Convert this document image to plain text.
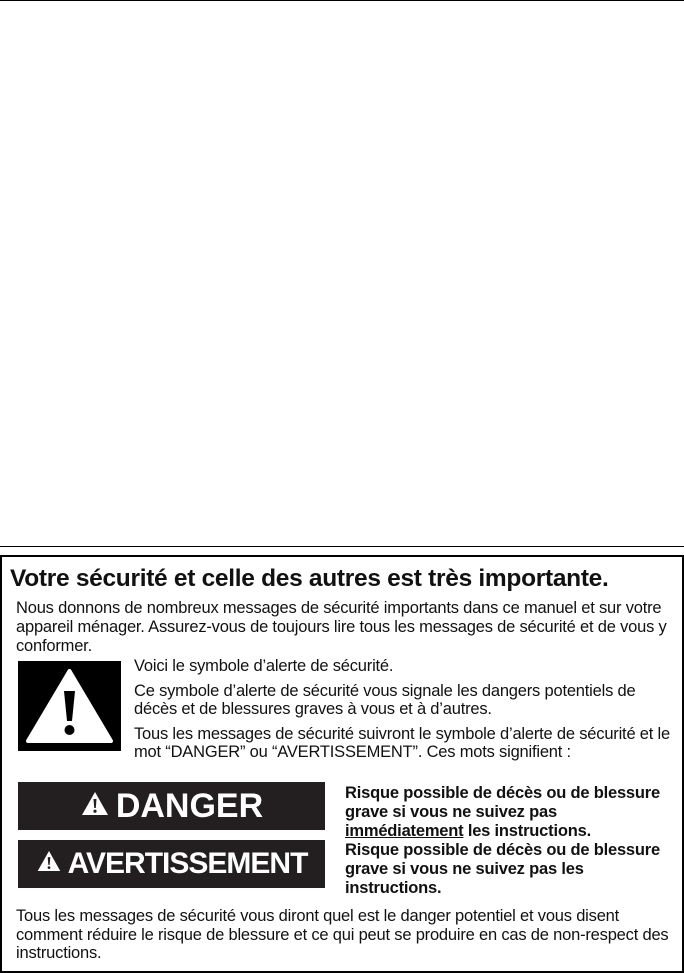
Votre sécurité et celle des autres est très importante.
Nous donnons de nombreux messages de sécurité importants dans ce manuel et sur votre appareil ménager. Assurez-vous de toujours lire tous les messages de sécurité et de vous y conformer.

Voici le symbole d’alerte de sécurité.

Ce symbole d’alerte de sécurité vous signale les dangers potentiels de décès et de blessures graves à vous et à d’autres.

Tous les messages de sécurité suivront le symbole d’alerte de sécurité et le mot “DANGER” ou “AVERTISSEMENT”. Ces mots signifient :

DANGER	Risque possible de décès ou de blessure grave si vous ne suivez pas immédiatement les instructions.
AVERTISSEMENT Risque possible de décès ou de blessure grave si vous ne suivez pas les instructions.
Tous les messages de sécurité vous diront quel est le danger potentiel et vous disent comment réduire le risque de blessure et ce qui peut se produire en cas de non-respect des instructions.
